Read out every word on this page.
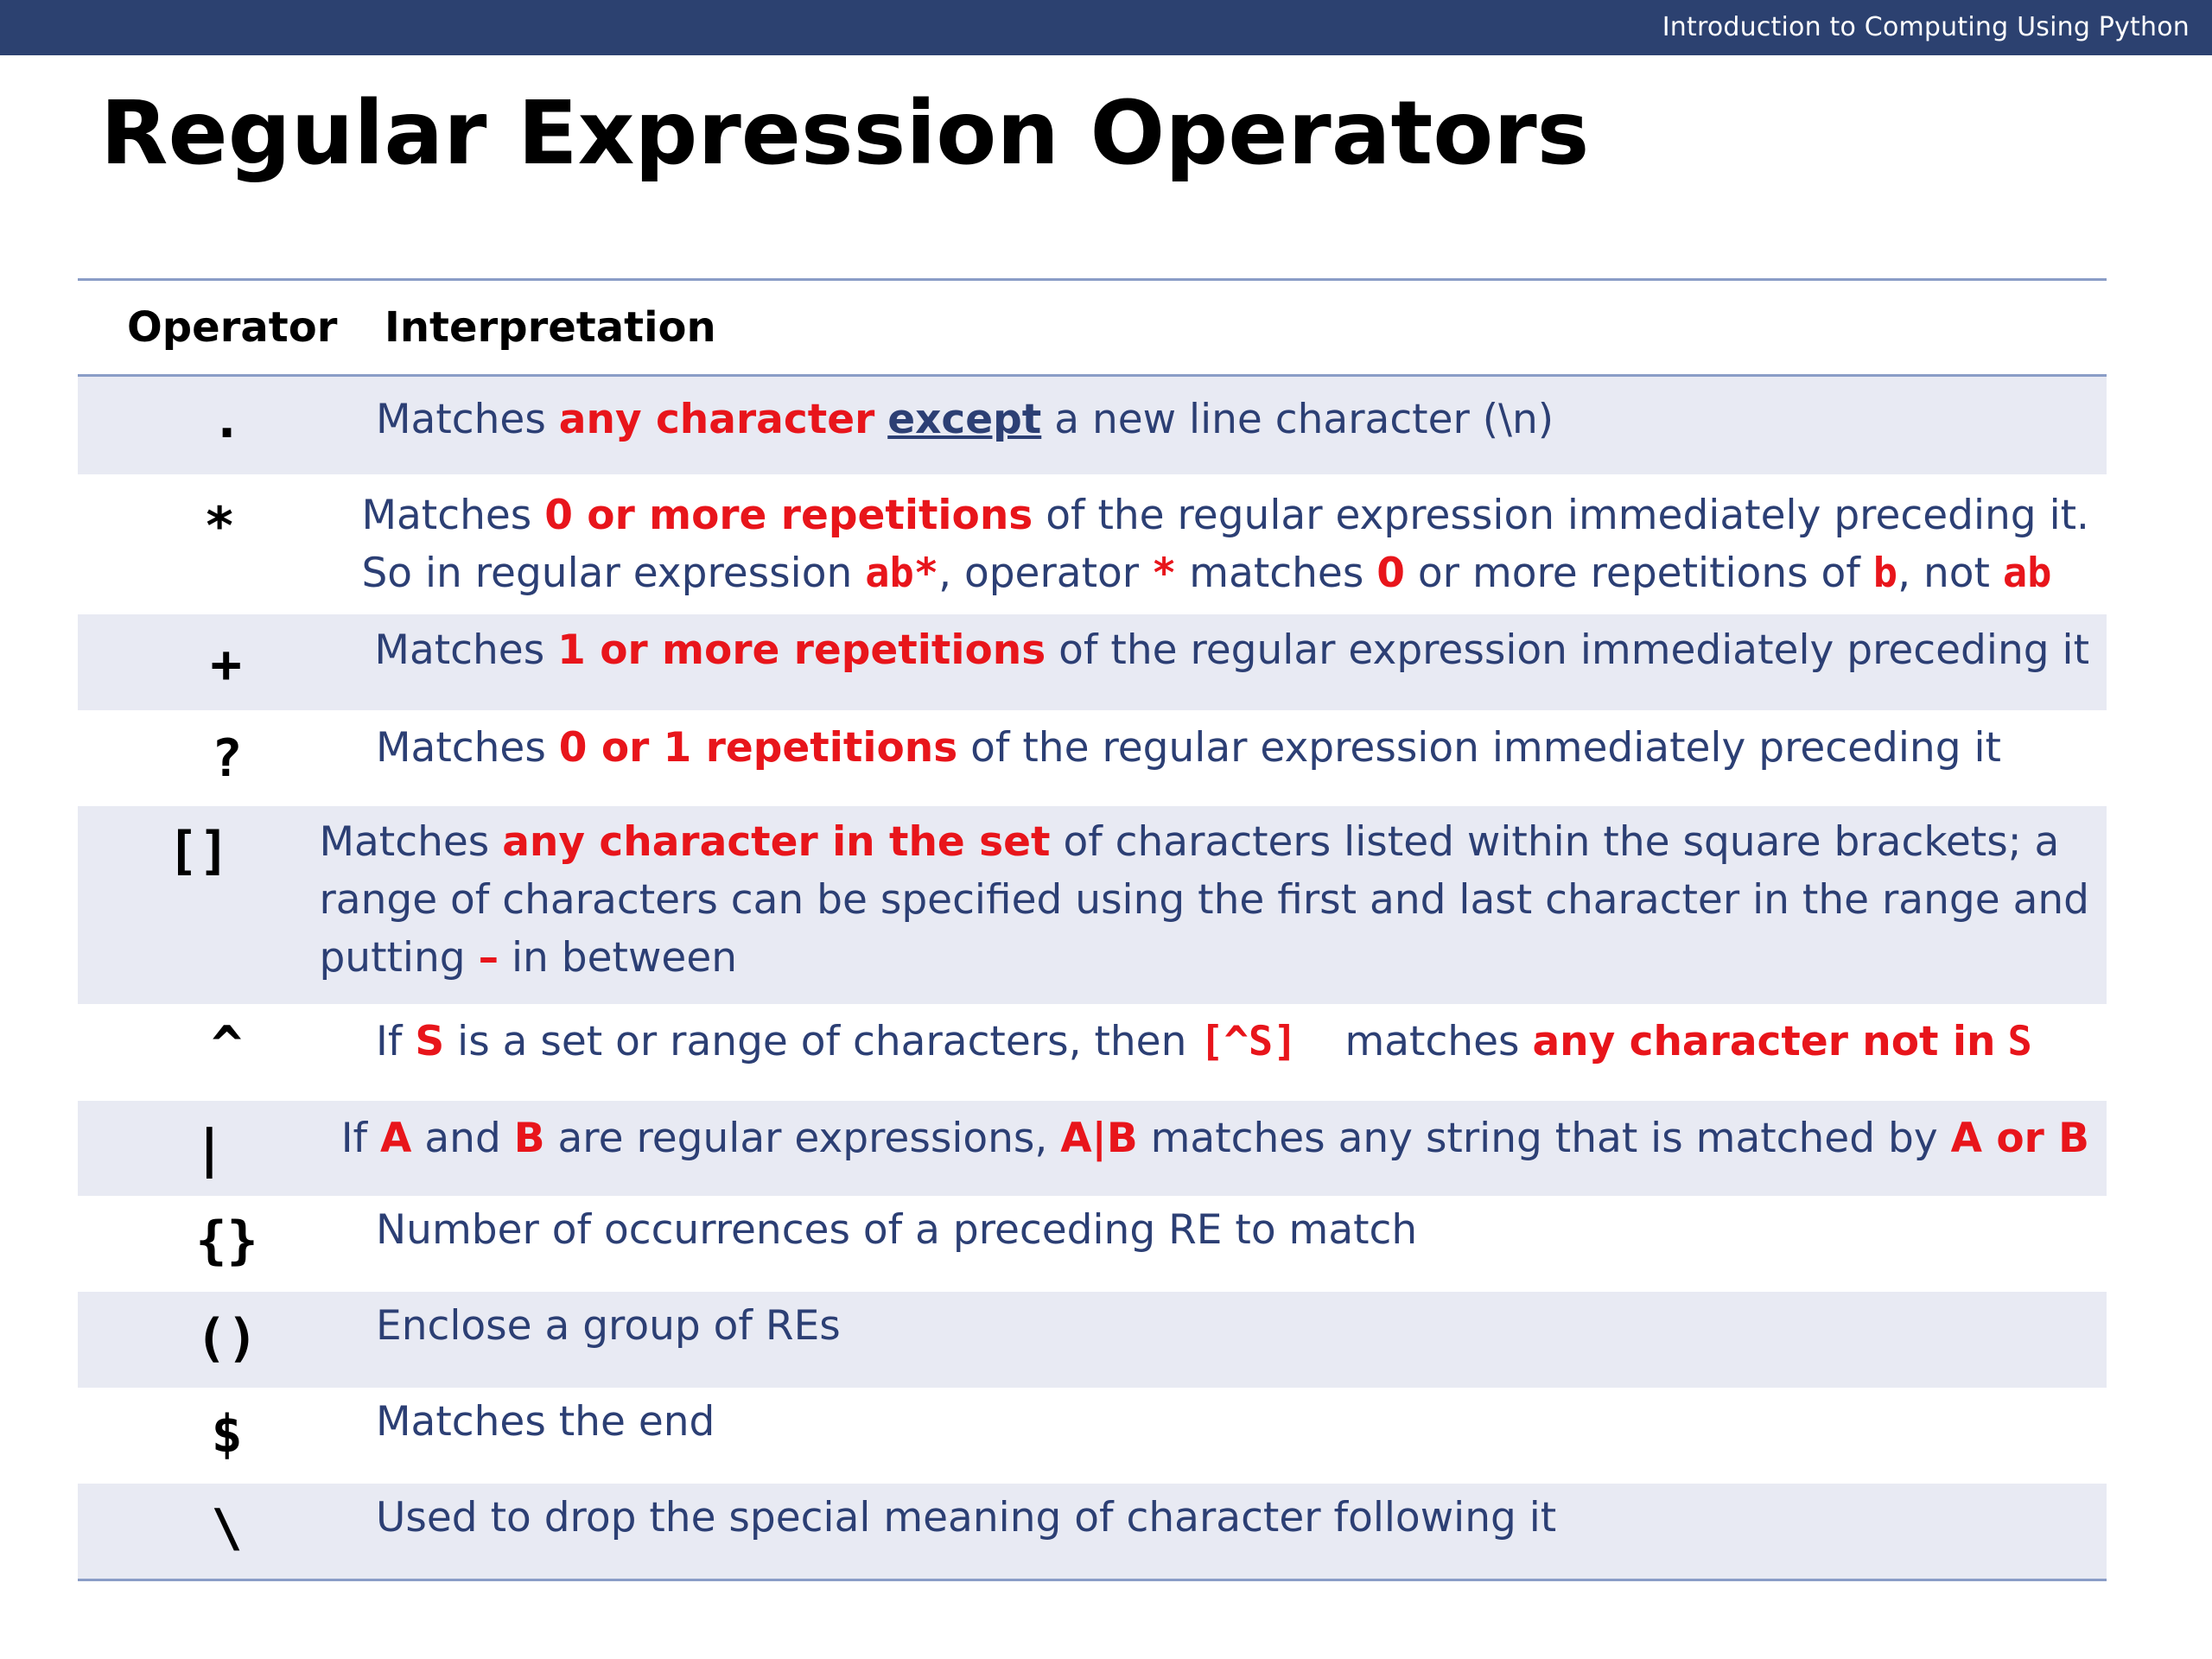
Introduction to Computing Using Python
Regular Expression Operators
Operator	Interpretation
.	Matches any character except a new line character (\n)
*	Matches 0 or more repetitions of the regular expression immediately preceding it.
So in regular expression ab*, operator * matches 0 or more repetitions of b, not ab
+	Matches 1 or more repetitions of the regular expression immediately preceding it
?	Matches 0 or 1 repetitions of the regular expression immediately preceding it
[]	Matches any character in the set of characters listed within the square brackets; a
range of characters can be specified using the first and last character in the range and
putting – in between
^	If S is a set or range of characters, then [^S] matches any character not in S
|	If A and B are regular expressions, A|B matches any string that is matched by A or B
{}	Number of occurrences of a preceding RE to match
()	Enclose a group of REs
$	Matches the end
\	Used to drop the special meaning of character following it
